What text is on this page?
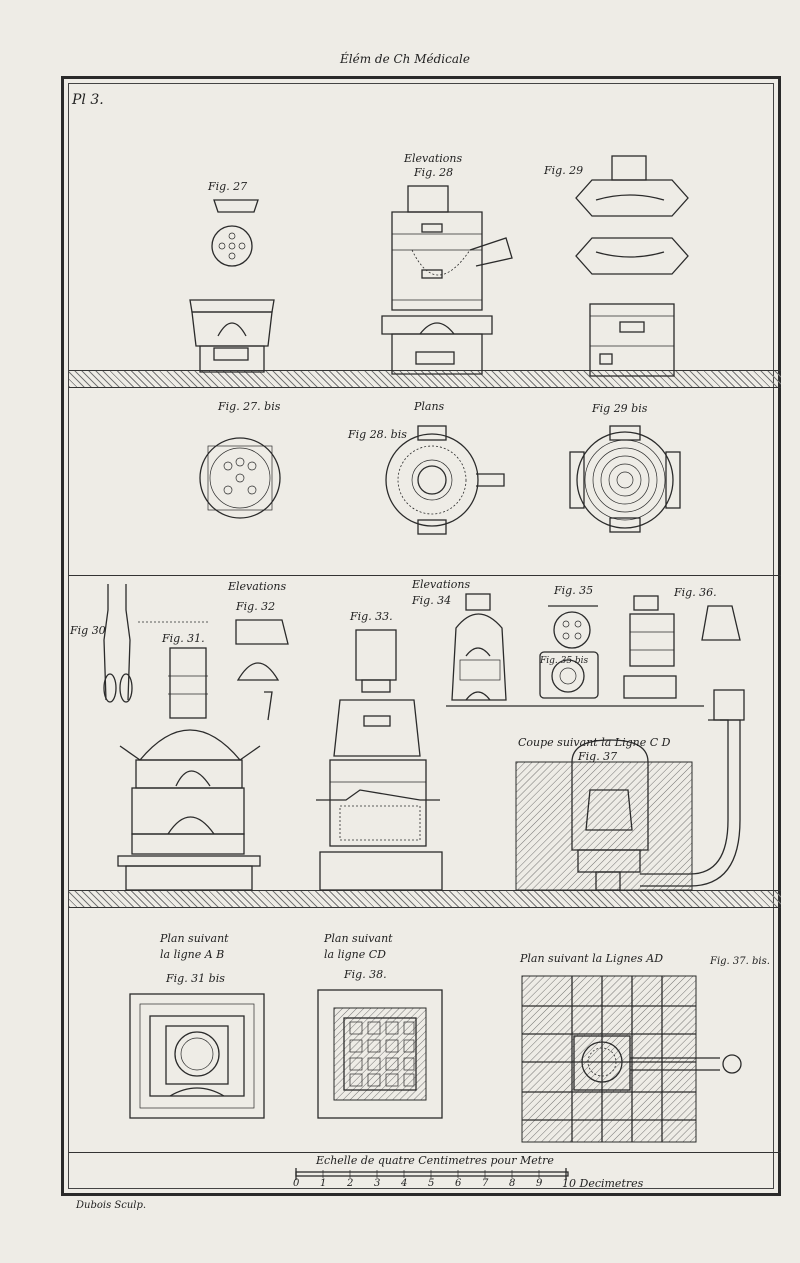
Élém de Ch Médicale
Pl 3.
Fig. 27
Elevations
Fig. 28	Fig. 29
Fig. 27. bis	Plans
Fig 28. bis
Fig 29 bis
Elevations
Fig. 32
Fig 30
Fig. 31.
Fig. 33.
Elevations
Fig. 34
Fig. 35	Fig. 36.
Fig. 35 bis
Coupe suivant la Ligne C D
Fig. 37
Plan suivant
la ligne A B
Fig. 31 bis
Plan suivant
la ligne CD
Fig. 38.
Plan suivant la Lignes AD	Fig. 37. bis.
Echelle de quatre Centimetres pour Metre
0 1 2 3 4 5 6 7 8 9 10 Decimetres
Dubois Sculp.
